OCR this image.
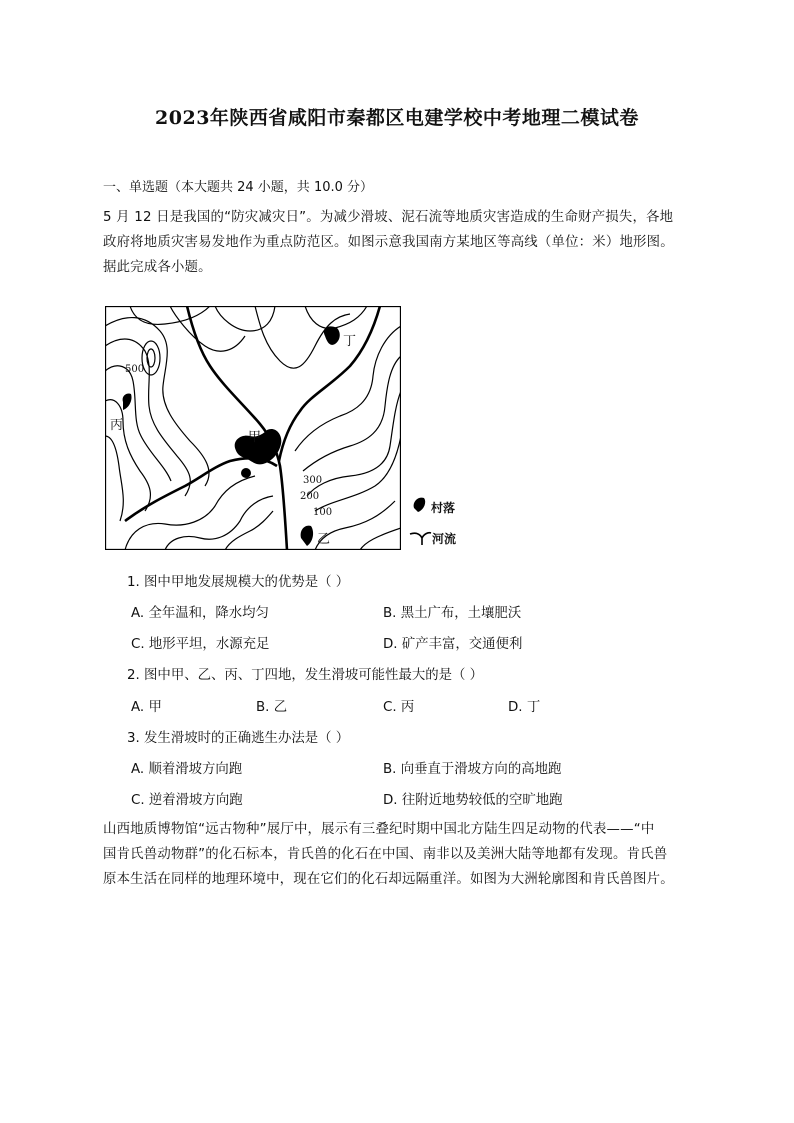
2023年陕西省咸阳市秦都区电建学校中考地理二模试卷
一、单选题（本大题共 24 小题，共 10.0 分）
5 月 12 日是我国的“防灾减灾日”。为减少滑坡、泥石流等地质灾害造成的生命财产损失，各地
政府将地质灾害易发地作为重点防范区。如图示意我国南方某地区等高线（单位：米）地形图。
据此完成各小题。
丁
甲
丙
乙
500
300
200
100	村落
河流
1. 图中甲地发展规模大的优势是（ ）
A. 全年温和，降水均匀	B. 黑土广布，土壤肥沃
C. 地形平坦，水源充足	D. 矿产丰富，交通便利
2. 图中甲、乙、丙、丁四地，发生滑坡可能性最大的是（ ）
A. 甲	B. 乙	C. 丙	D. 丁
3. 发生滑坡时的正确逃生办法是（ ）
A. 顺着滑坡方向跑	B. 向垂直于滑坡方向的高地跑
C. 逆着滑坡方向跑	D. 往附近地势较低的空旷地跑
山西地质博物馆“远古物种”展厅中，展示有三叠纪时期中国北方陆生四足动物的代表——“中
国肯氏兽动物群”的化石标本，肯氏兽的化石在中国、南非以及美洲大陆等地都有发现。肯氏兽
原本生活在同样的地理环境中，现在它们的化石却远隔重洋。如图为大洲轮廓图和肯氏兽图片。
